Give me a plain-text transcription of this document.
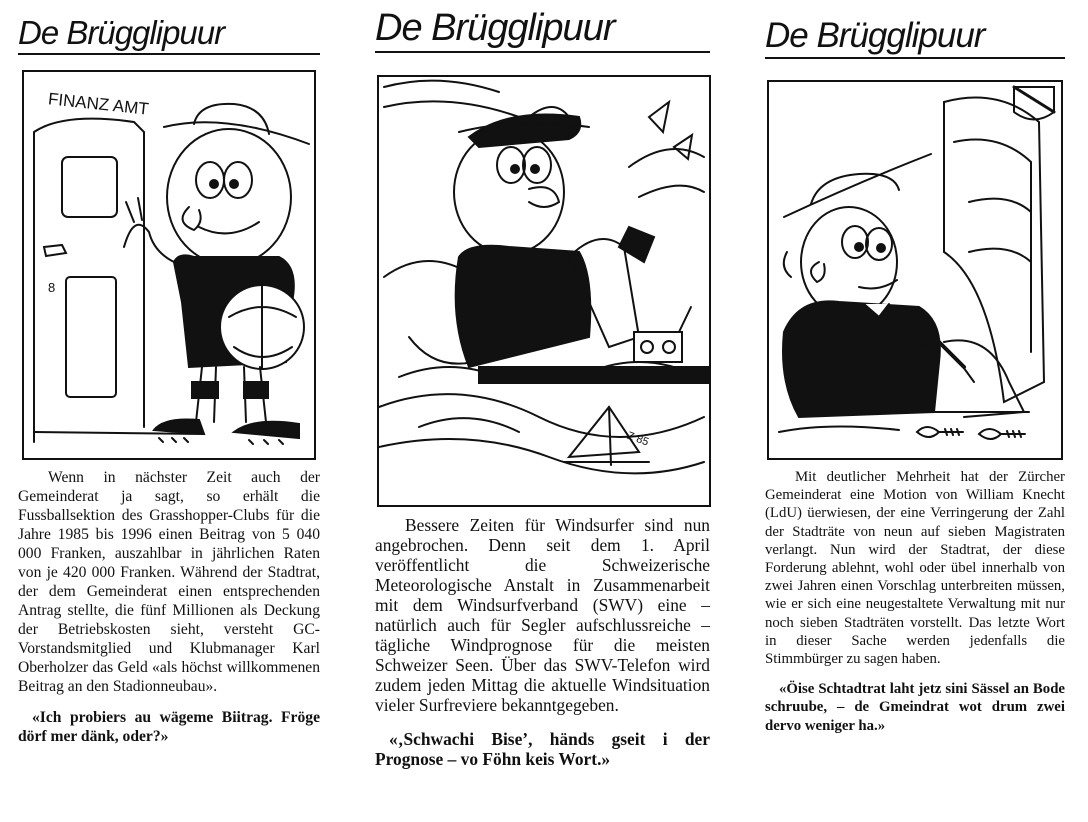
De Brügglipuur
FINANZ AMT
8

Wenn in nächster Zeit auch der Gemeinderat ja sagt, so erhält die Fussballsektion des Grasshopper-Clubs für die Jahre 1985 bis 1996 einen Beitrag von 5 040 000 Franken, auszahlbar in jährlichen Raten von je 420 000 Franken. Während der Stadtrat, der dem Gemeinderat einen entsprechenden Antrag stellte, die fünf Millionen als Deckung der Betriebskosten sieht, versteht GC-Vorstandsmitglied und Klubmanager Karl Oberholzer das Geld «als höchst willkommenen Beitrag an den Stadionneubau».

«Ich probiers au wägeme Biitrag. Fröge dörf mer dänk, oder?»

De Brügglipuur
Z 85

Bessere Zeiten für Windsurfer sind nun angebrochen. Denn seit dem 1. April veröffentlicht die Schweizerische Meteorologische Anstalt in Zusammenarbeit mit dem Windsurfverband (SWV) eine – natürlich auch für Segler aufschlussreiche – tägliche Windprognose für die meisten Schweizer Seen. Über das SWV-Telefon wird zudem jeden Mittag die aktuelle Windsituation vieler Surfreviere bekanntgegeben.

«‚Schwachi Bise’, händs gseit i der Prognose – vo Föhn keis Wort.»

De Brügglipuur

Mit deutlicher Mehrheit hat der Zürcher Gemeinderat eine Motion von William Knecht (LdU) üerwiesen, der eine Verringerung der Zahl der Stadträte von neun auf sieben Magistraten verlangt. Nun wird der Stadtrat, der diese Forderung ablehnt, wohl oder übel innerhalb von zwei Jahren einen Vorschlag unterbreiten müssen, wie er sich eine neugestaltete Verwaltung mit nur noch sieben Stadträten vorstellt. Das letzte Wort in dieser Sache werden jedenfalls die Stimmbürger zu sagen haben.

«Öise Schtadtrat laht jetz sini Sässel an Bode schruube, – de Gmeindrat wot drum zwei dervo weniger ha.»
